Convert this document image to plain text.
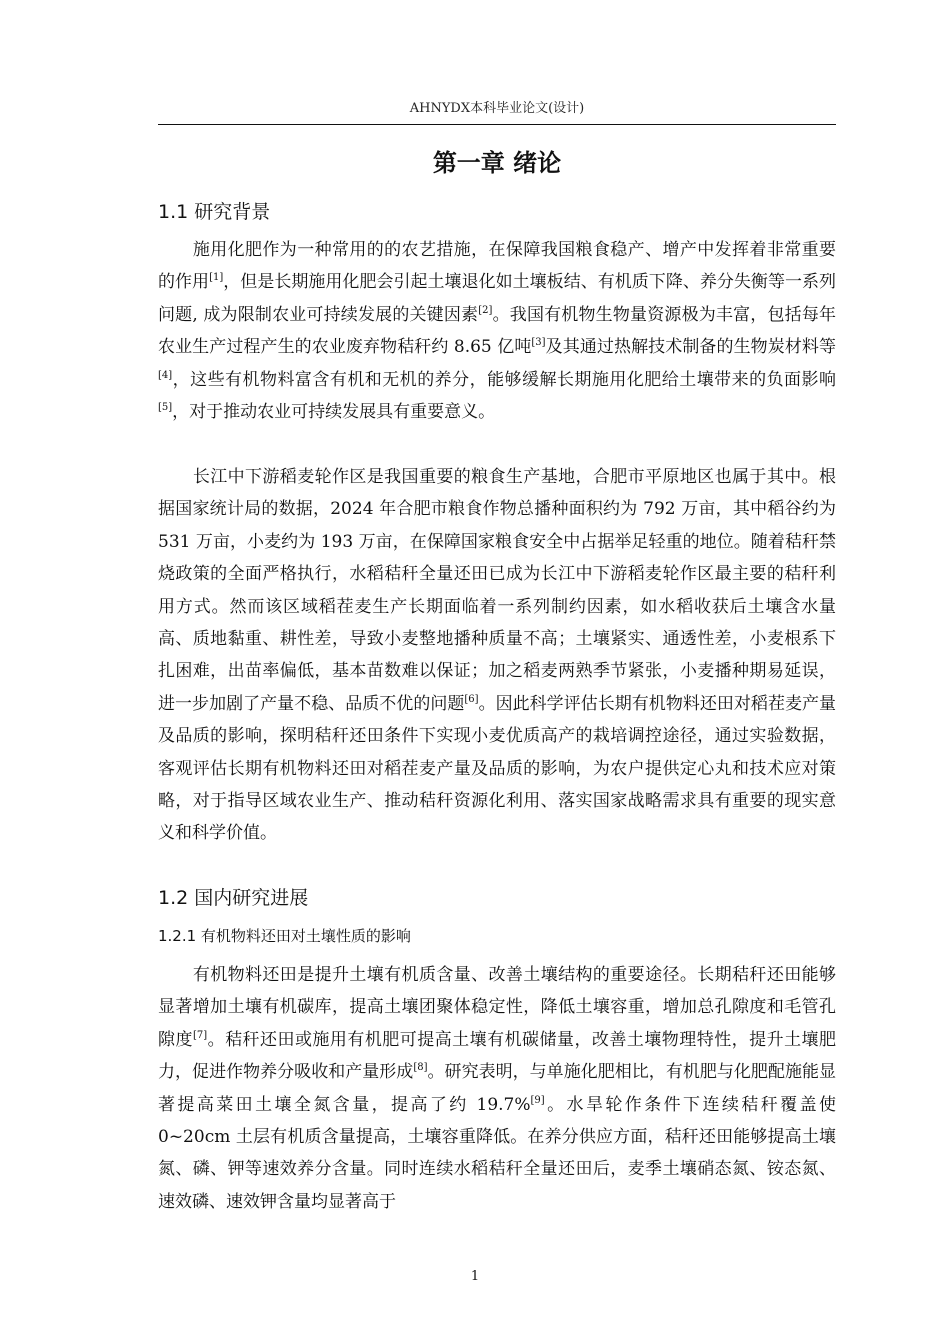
AHNYDX本科毕业论文(设计)
第一章 绪论
1.1 研究背景

施用化肥作为一种常用的的农艺措施，在保障我国粮食稳产、增产中发挥着非常重要的作用[1]，但是长期施用化肥会引起土壤退化如土壤板结、有机质下降、养分失衡等一系列问题, 成为限制农业可持续发展的关键因素[2]。我国有机物生物量资源极为丰富，包括每年农业生产过程产生的农业废弃物秸秆约 8.65 亿吨[3]及其通过热解技术制备的生物炭材料等[4]，这些有机物料富含有机和无机的养分，能够缓解长期施用化肥给土壤带来的负面影响[5]，对于推动农业可持续发展具有重要意义。

长江中下游稻麦轮作区是我国重要的粮食生产基地，合肥市平原地区也属于其中。根据国家统计局的数据，2024 年合肥市粮食作物总播种面积约为 792 万亩，其中稻谷约为 531 万亩，小麦约为 193 万亩，在保障国家粮食安全中占据举足轻重的地位。随着秸秆禁烧政策的全面严格执行，水稻秸秆全量还田已成为长江中下游稻麦轮作区最主要的秸秆利用方式。然而该区域稻茬麦生产长期面临着一系列制约因素，如水稻收获后土壤含水量高、质地黏重、耕性差，导致小麦整地播种质量不高；土壤紧实、通透性差，小麦根系下扎困难，出苗率偏低，基本苗数难以保证；加之稻麦两熟季节紧张，小麦播种期易延误，进一步加剧了产量不稳、品质不优的问题[6]。因此科学评估长期有机物料还田对稻茬麦产量及品质的影响，探明秸秆还田条件下实现小麦优质高产的栽培调控途径，通过实验数据，客观评估长期有机物料还田对稻茬麦产量及品质的影响，为农户提供定心丸和技术应对策略，对于指导区域农业生产、推动秸秆资源化利用、落实国家战略需求具有重要的现实意义和科学价值。

1.2 国内研究进展
1.2.1 有机物料还田对土壤性质的影响

有机物料还田是提升土壤有机质含量、改善土壤结构的重要途径。长期秸秆还田能够显著增加土壤有机碳库，提高土壤团聚体稳定性，降低土壤容重，增加总孔隙度和毛管孔隙度[7]。秸秆还田或施用有机肥可提高土壤有机碳储量，改善土壤物理特性，提升土壤肥力，促进作物养分吸收和产量形成[8]。研究表明，与单施化肥相比，有机肥与化肥配施能显著提高菜田土壤全氮含量，提高了约 19.7%[9]。水旱轮作条件下连续秸秆覆盖使 0~20cm 土层有机质含量提高，土壤容重降低。在养分供应方面，秸秆还田能够提高土壤氮、磷、钾等速效养分含量。同时连续水稻秸秆全量还田后，麦季土壤硝态氮、铵态氮、速效磷、速效钾含量均显著高于

1
